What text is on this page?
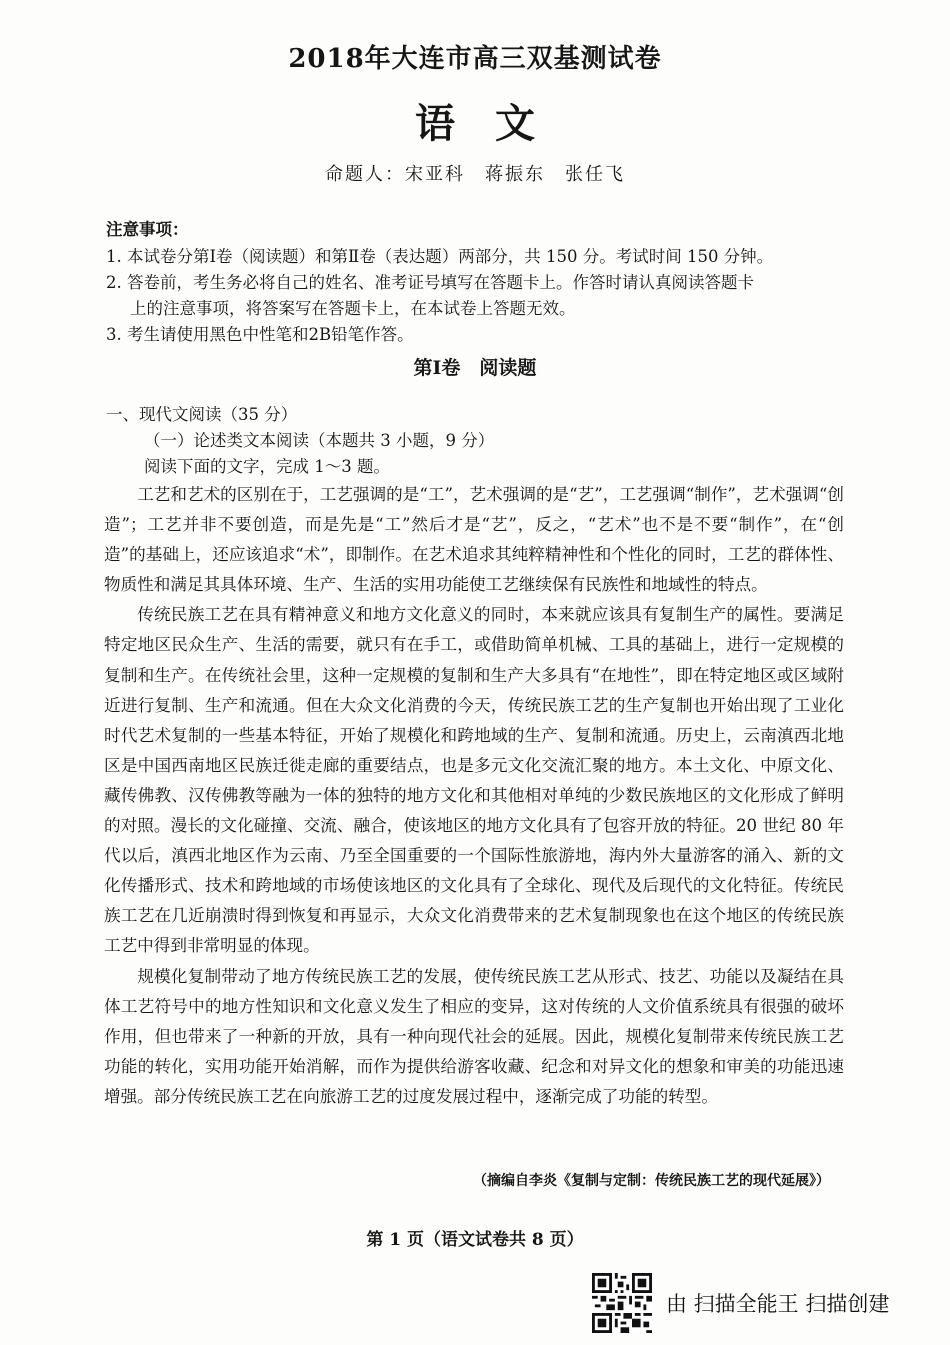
2018年大连市高三双基测试卷
语文
命题人：宋亚科　蒋振东　张任飞
注意事项：
1. 本试卷分第Ⅰ卷（阅读题）和第Ⅱ卷（表达题）两部分，共 150 分。考试时间 150 分钟。
2. 答卷前，考生务必将自己的姓名、准考证号填写在答题卡上。作答时请认真阅读答题卡
上的注意事项，将答案写在答题卡上，在本试卷上答题无效。
3. 考生请使用黑色中性笔和2B铅笔作答。
第Ⅰ卷　阅读题
一、现代文阅读（35 分）
（一）论述类文本阅读（本题共 3 小题，9 分）
阅读下面的文字，完成 1～3 题。

工艺和艺术的区别在于，工艺强调的是“工”，艺术强调的是“艺”，工艺强调“制作”，艺术强调“创造”；工艺并非不要创造，而是先是“工”然后才是“艺”，反之，“艺术”也不是不要“制作”，在“创造”的基础上，还应该追求“术”，即制作。在艺术追求其纯粹精神性和个性化的同时，工艺的群体性、物质性和满足其具体环境、生产、生活的实用功能使工艺继续保有民族性和地域性的特点。

传统民族工艺在具有精神意义和地方文化意义的同时，本来就应该具有复制生产的属性。要满足特定地区民众生产、生活的需要，就只有在手工，或借助简单机械、工具的基础上，进行一定规模的复制和生产。在传统社会里，这种一定规模的复制和生产大多具有“在地性”，即在特定地区或区域附近进行复制、生产和流通。但在大众文化消费的今天，传统民族工艺的生产复制也开始出现了工业化时代艺术复制的一些基本特征，开始了规模化和跨地域的生产、复制和流通。历史上，云南滇西北地区是中国西南地区民族迁徙走廊的重要结点，也是多元文化交流汇聚的地方。本土文化、中原文化、藏传佛教、汉传佛教等融为一体的独特的地方文化和其他相对单纯的少数民族地区的文化形成了鲜明的对照。漫长的文化碰撞、交流、融合，使该地区的地方文化具有了包容开放的特征。20 世纪 80 年代以后，滇西北地区作为云南、乃至全国重要的一个国际性旅游地，海内外大量游客的涌入、新的文化传播形式、技术和跨地域的市场使该地区的文化具有了全球化、现代及后现代的文化特征。传统民族工艺在几近崩溃时得到恢复和再显示，大众文化消费带来的艺术复制现象也在这个地区的传统民族工艺中得到非常明显的体现。

规模化复制带动了地方传统民族工艺的发展，使传统民族工艺从形式、技艺、功能以及凝结在具体工艺符号中的地方性知识和文化意义发生了相应的变异，这对传统的人文价值系统具有很强的破坏作用，但也带来了一种新的开放，具有一种向现代社会的延展。因此，规模化复制带来传统民族工艺功能的转化，实用功能开始消解，而作为提供给游客收藏、纪念和对异文化的想象和审美的功能迅速增强。部分传统民族工艺在向旅游工艺的过度发展过程中，逐渐完成了功能的转型。

（摘编自李炎《复制与定制：传统民族工艺的现代延展》）
第 1 页（语文试卷共 8 页）
由 扫描全能王 扫描创建
